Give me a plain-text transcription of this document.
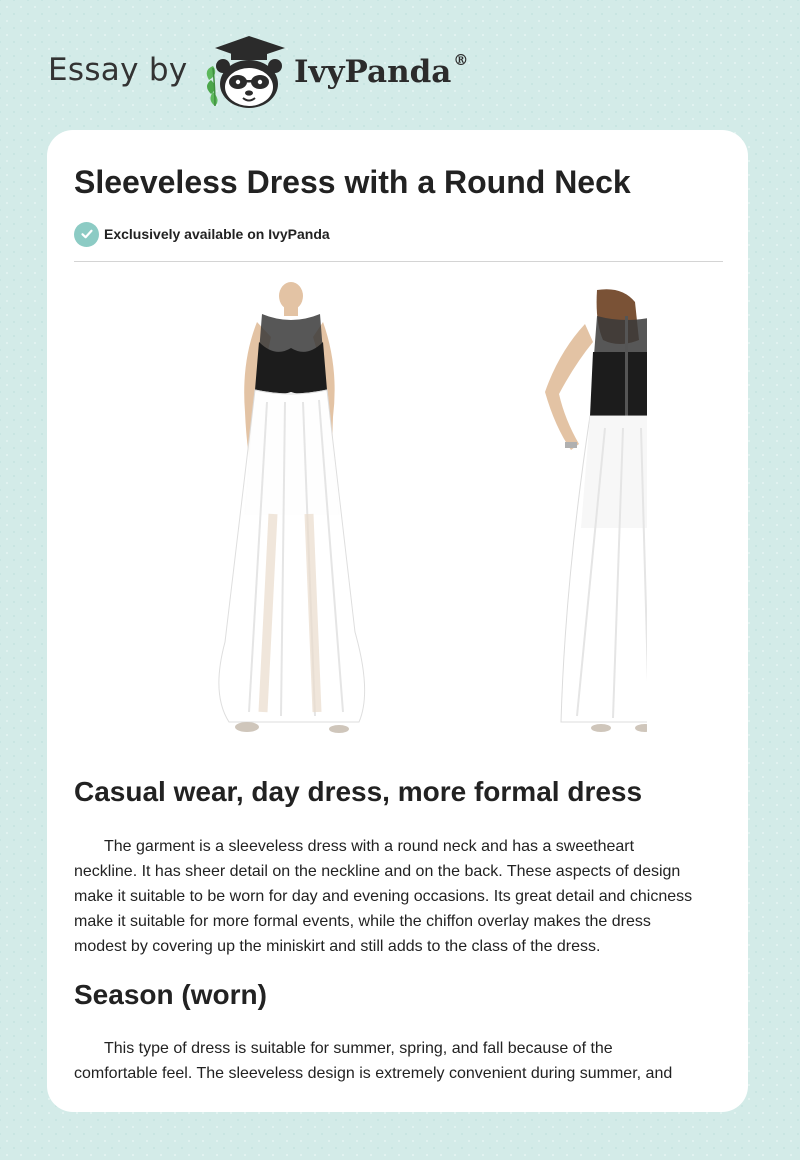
Essay by	IvyPanda ®
Sleeveless Dress with a Round Neck
Exclusively available on IvyPanda
Casual wear, day dress, more formal dress

The garment is a sleeveless dress with a round neck and has a sweetheart
neckline. It has sheer detail on the neckline and on the back. These aspects of design
make it suitable to be worn for day and evening occasions. Its great detail and chicness
make it suitable for more formal events, while the chiffon overlay makes the dress
modest by covering up the miniskirt and still adds to the class of the dress.

Season (worn)

This type of dress is suitable for summer, spring, and fall because of the
comfortable feel. The sleeveless design is extremely convenient during summer, and
